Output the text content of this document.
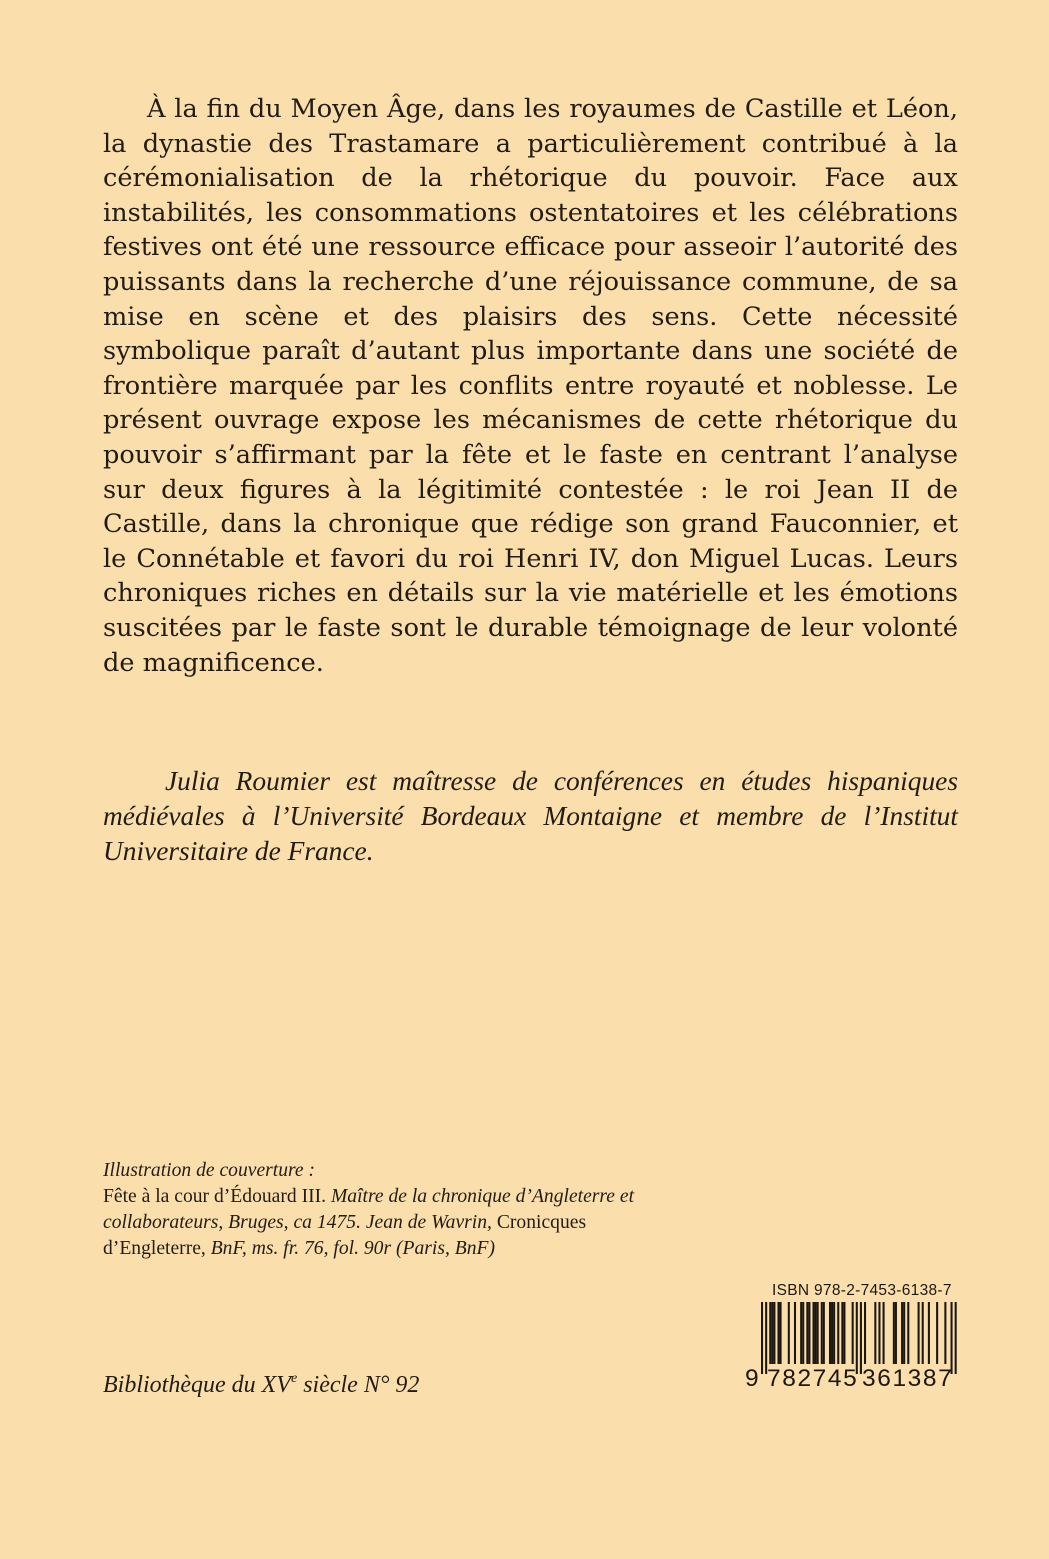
À la fin du Moyen Âge, dans les royaumes de Castille et Léon, la dynastie des Trastamare a particulièrement contribué à la cérémonialisation de la rhétorique du pouvoir. Face aux instabilités, les consommations ostentatoires et les célébrations festives ont été une ressource efficace pour asseoir l’autorité des puissants dans la recherche d’une réjouissance commune, de sa mise en scène et des plaisirs des sens. Cette nécessité symbolique paraît d’autant plus importante dans une société de frontière marquée par les conflits entre royauté et noblesse. Le présent ouvrage expose les mécanismes de cette rhétorique du pouvoir s’affirmant par la fête et le faste en centrant l’analyse sur deux figures à la légitimité contestée : le roi Jean II de Castille, dans la chronique que rédige son grand Fauconnier, et le Connétable et favori du roi Henri IV, don Miguel Lucas. Leurs chroniques riches en détails sur la vie matérielle et les émotions suscitées par le faste sont le durable témoignage de leur volonté de magnificence.

Julia Roumier est maîtresse de conférences en études hispaniques médiévales à l’Université Bordeaux Montaigne et membre de l’Institut Universitaire de France.

Illustration de couverture :
Fête à la cour d’Édouard III. Maître de la chronique d’Angleterre et
collaborateurs, Bruges, ca 1475. Jean de Wavrin, Cronicques
d’Engleterre, BnF, ms. fr. 76, fol. 90r (Paris, BnF)
Bibliothèque du XVe siècle N° 92
ISBN 978-2-7453-6138-7
9 782745 361387
